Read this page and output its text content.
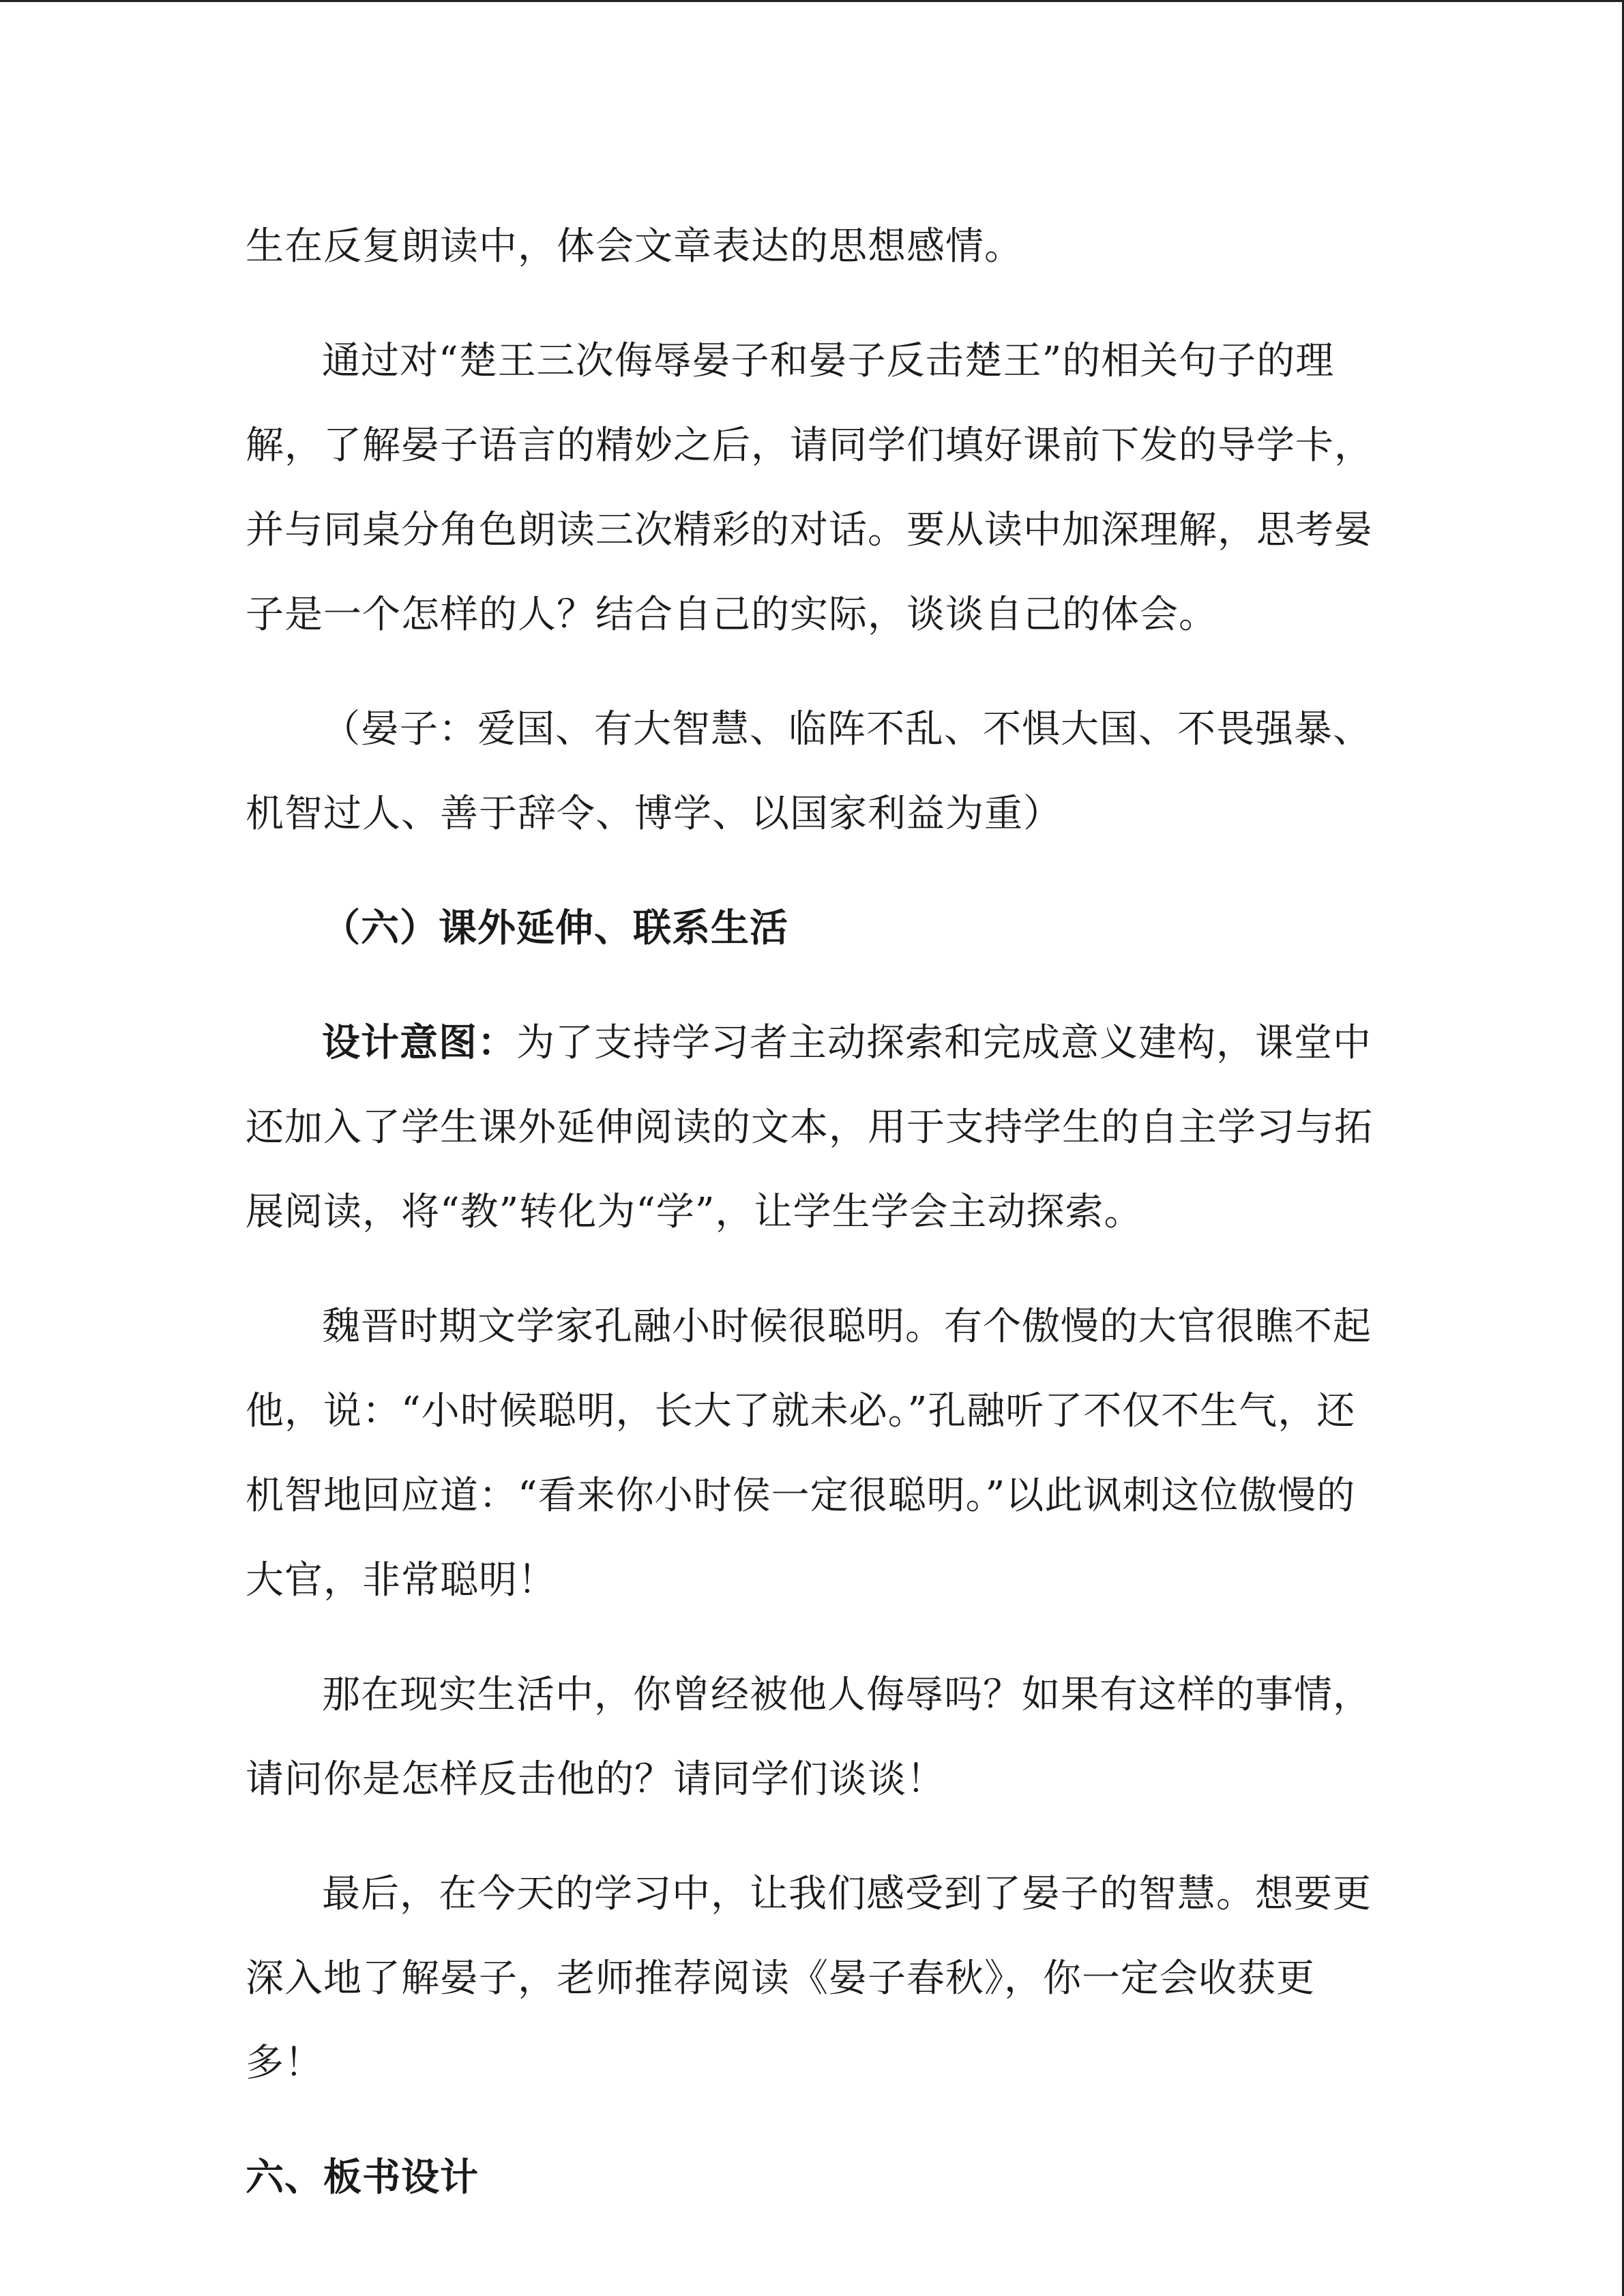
生在反复朗读中，体会文章表达的思想感情。

通过对“楚王三次侮辱晏子和晏子反击楚王”的相关句子的理解，了解晏子语言的精妙之后，请同学们填好课前下发的导学卡，并与同桌分角色朗读三次精彩的对话。要从读中加深理解，思考晏子是一个怎样的人？结合自己的实际，谈谈自己的体会。

（晏子：爱国、有大智慧、临阵不乱、不惧大国、不畏强暴、机智过人、善于辞令、博学、以国家利益为重）

（六）课外延伸、联系生活

设计意图：为了支持学习者主动探索和完成意义建构，课堂中还加入了学生课外延伸阅读的文本，用于支持学生的自主学习与拓展阅读，将“教”转化为“学”，让学生学会主动探索。

魏晋时期文学家孔融小时候很聪明。有个傲慢的大官很瞧不起他，说：“小时候聪明，长大了就未必。”孔融听了不仅不生气，还机智地回应道：“看来你小时侯一定很聪明。”以此讽刺这位傲慢的大官，非常聪明！

那在现实生活中，你曾经被他人侮辱吗？如果有这样的事情，请问你是怎样反击他的？请同学们谈谈！

最后，在今天的学习中，让我们感受到了晏子的智慧。想要更深入地了解晏子，老师推荐阅读《晏子春秋》，你一定会收获更多！

六、板书设计
